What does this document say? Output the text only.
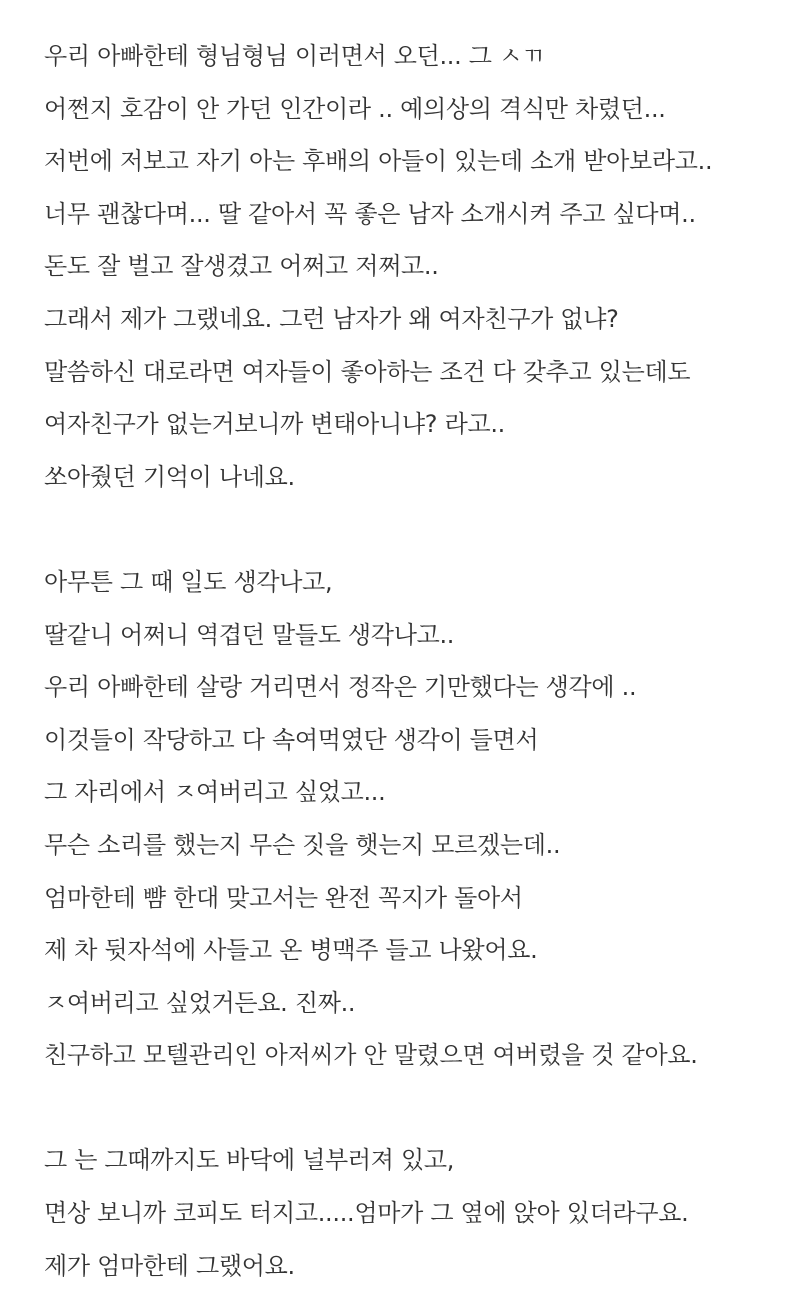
우리 아빠한테 형님형님 이러면서 오던... 그 ㅅㄲ
어쩐지 호감이 안 가던 인간이라 .. 예의상의 격식만 차렸던...
저번에 저보고 자기 아는 후배의 아들이 있는데 소개 받아보라고..
너무 괜찮다며... 딸 같아서 꼭 좋은 남자 소개시켜 주고 싶다며..
돈도 잘 벌고 잘생겼고 어쩌고 저쩌고..
그래서 제가 그랬네요. 그런 남자가 왜 여자친구가 없냐?
말씀하신 대로라면 여자들이 좋아하는 조건 다 갖추고 있는데도
여자친구가 없는거보니까 변태아니냐? 라고..
쏘아줬던 기억이 나네요.
아무튼 그 때 일도 생각나고,
딸같니 어쩌니 역겹던 말들도 생각나고..
우리 아빠한테 살랑 거리면서 정작은 기만했다는 생각에 ..
이것들이 작당하고 다 속여먹였단 생각이 들면서
그 자리에서 ㅈ여버리고 싶었고...
무슨 소리를 했는지 무슨 짓을 햇는지 모르겠는데..
엄마한테 뺨 한대 맞고서는 완전 꼭지가 돌아서
제 차 뒷자석에 사들고 온 병맥주 들고 나왔어요.
ㅈ여버리고 싶었거든요. 진짜..
친구하고 모텔관리인 아저씨가 안 말렸으면 여버렸을 것 같아요.
그 는 그때까지도 바닥에 널부러져 있고,
면상 보니까 코피도 터지고.....엄마가 그 옆에 앉아 있더라구요.
제가 엄마한테 그랬어요.
